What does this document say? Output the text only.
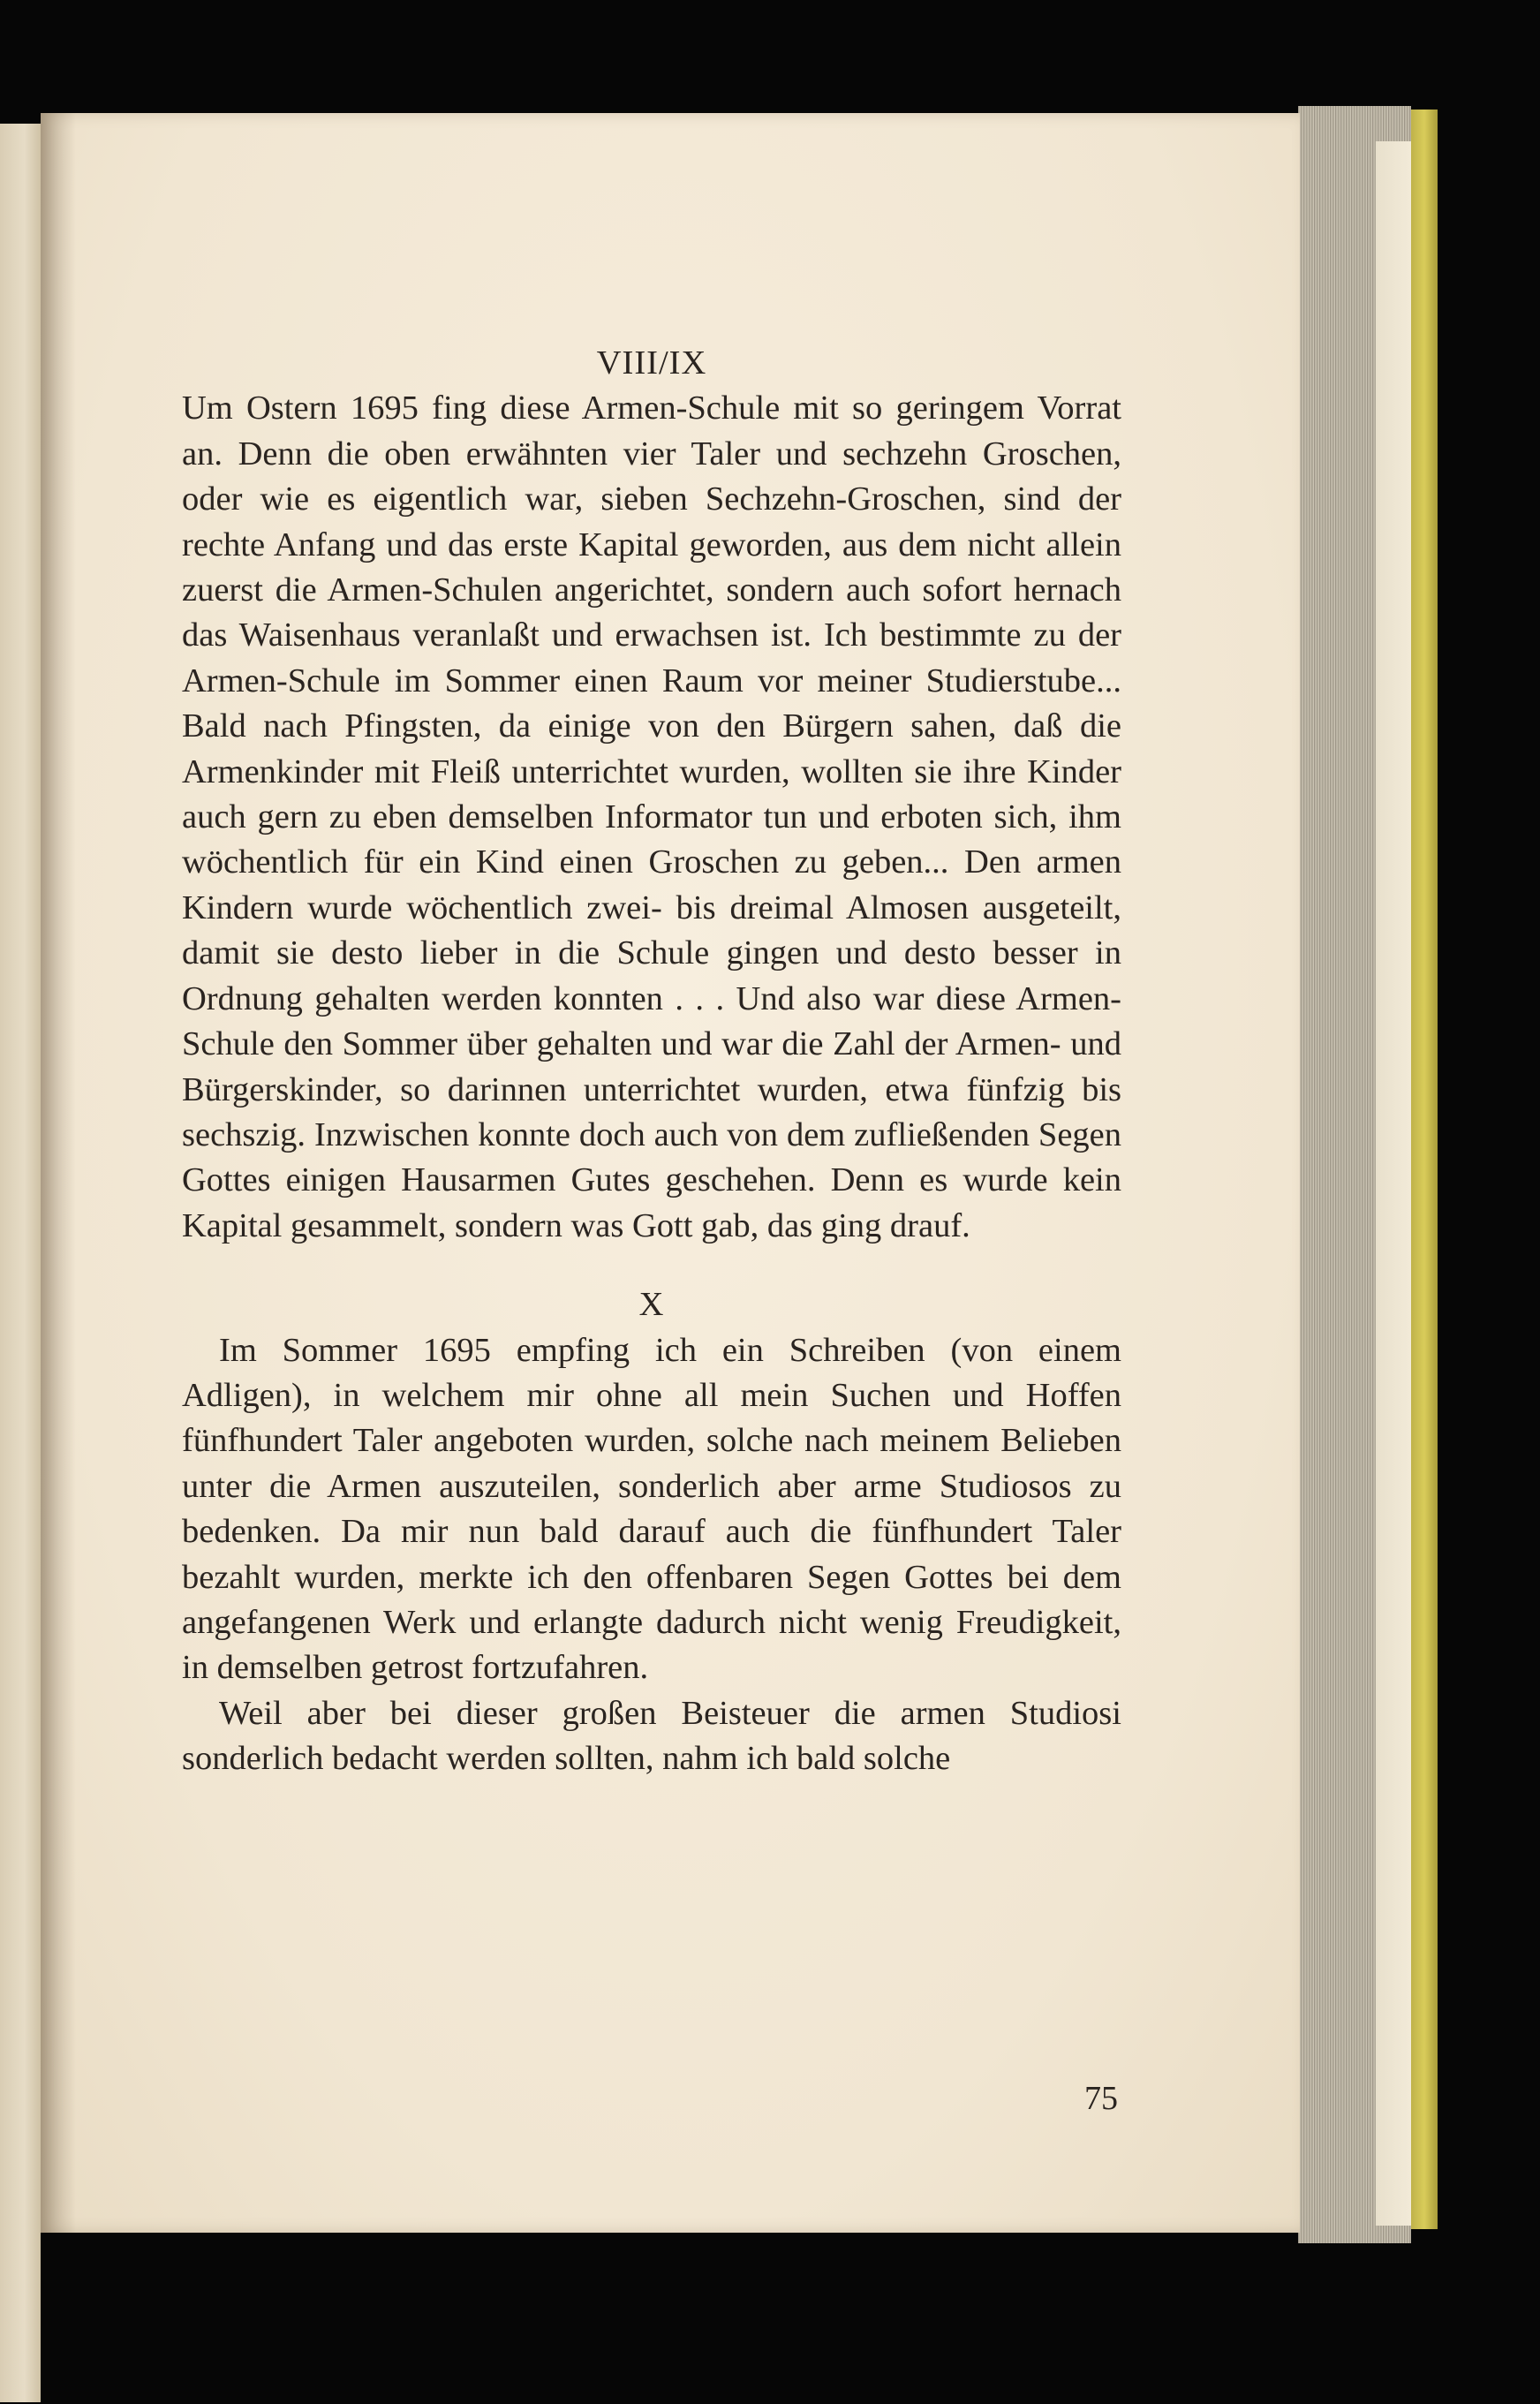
VIII/IX

Um Ostern 1695 fing diese Armen-Schule mit so geringem Vorrat an. Denn die oben erwähnten vier Taler und sechzehn Groschen, oder wie es eigentlich war, sieben Sechzehn-Groschen, sind der rechte Anfang und das erste Kapital geworden, aus dem nicht allein zuerst die Armen-Schulen angerichtet, sondern auch sofort hernach das Waisenhaus veranlaßt und erwachsen ist. Ich bestimmte zu der Armen-Schule im Sommer einen Raum vor meiner Studierstube... Bald nach Pfingsten, da einige von den Bürgern sahen, daß die Armenkinder mit Fleiß unterrichtet wurden, wollten sie ihre Kinder auch gern zu eben demselben Informator tun und erboten sich, ihm wöchentlich für ein Kind einen Groschen zu geben... Den armen Kindern wurde wöchentlich zwei- bis dreimal Almosen ausgeteilt, damit sie desto lieber in die Schule gingen und desto besser in Ordnung gehalten werden konnten . . . Und also war diese Armen-Schule den Sommer über gehalten und war die Zahl der Armen- und Bürgerskinder, so darinnen unterrichtet wurden, etwa fünfzig bis sechszig. Inzwischen konnte doch auch von dem zufließenden Segen Gottes einigen Hausarmen Gutes geschehen. Denn es wurde kein Kapital gesammelt, sondern was Gott gab, das ging drauf.

X

Im Sommer 1695 empfing ich ein Schreiben (von einem Adligen), in welchem mir ohne all mein Suchen und Hoffen fünfhundert Taler angeboten wurden, solche nach meinem Belieben unter die Armen auszuteilen, sonderlich aber arme Studiosos zu bedenken. Da mir nun bald darauf auch die fünfhundert Taler bezahlt wurden, merkte ich den offenbaren Segen Gottes bei dem angefangenen Werk und erlangte dadurch nicht wenig Freudigkeit, in demselben getrost fortzufahren.

Weil aber bei dieser großen Beisteuer die armen Studiosi sonderlich bedacht werden sollten, nahm ich bald solche

75
